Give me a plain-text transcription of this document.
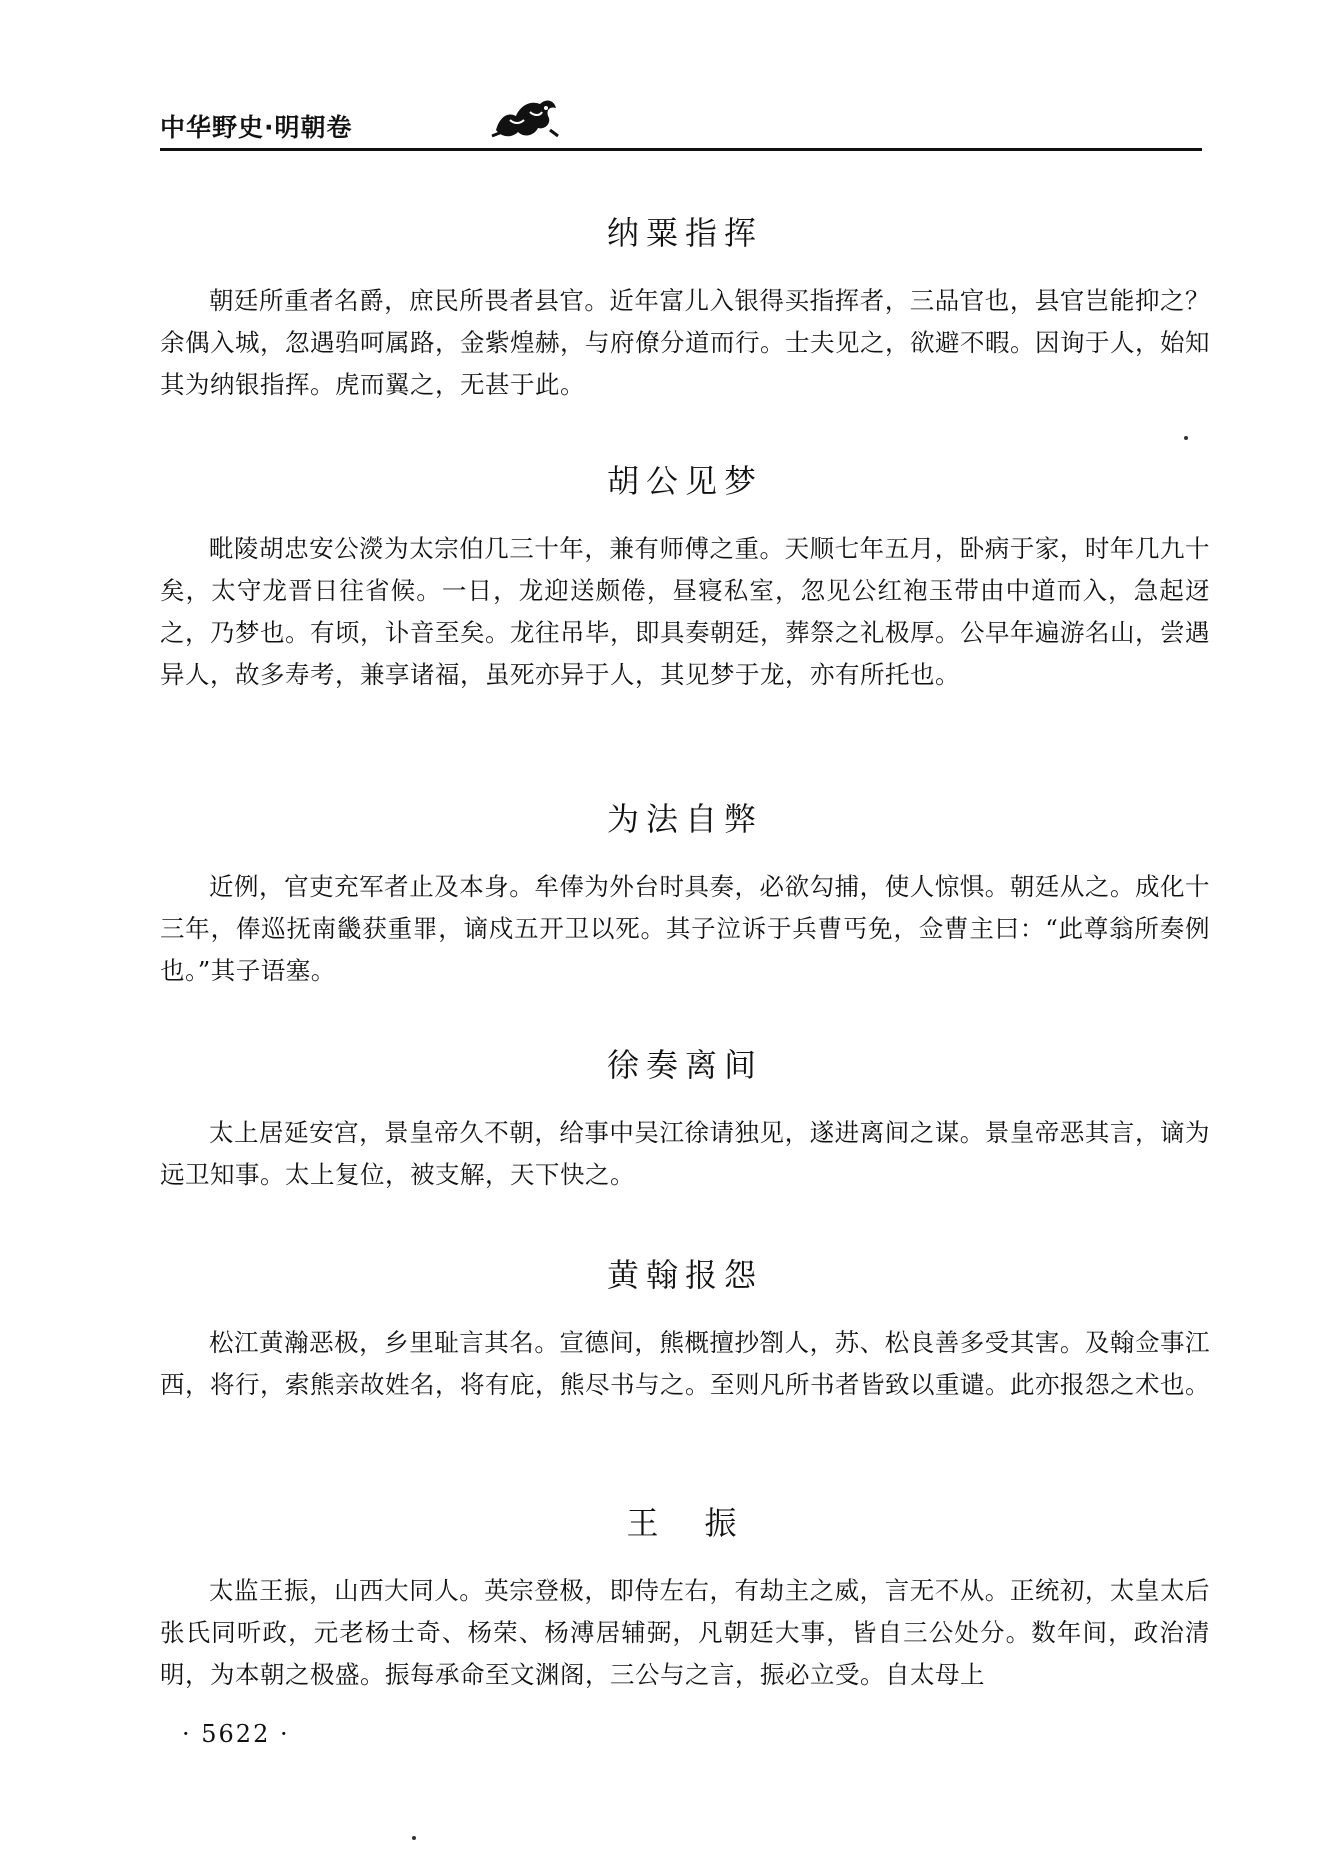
中华野史·明朝卷
纳粟指挥

朝廷所重者名爵，庶民所畏者县官。近年富儿入银得买指挥者，三品官也，县官岂能抑之？余偶入城，忽遇驺呵属路，金紫煌赫，与府僚分道而行。士夫见之，欲避不暇。因询于人，始知其为纳银指挥。虎而翼之，无甚于此。

胡公见梦

毗陵胡忠安公濙为太宗伯几三十年，兼有师傅之重。天顺七年五月，卧病于家，时年几九十矣，太守龙晋日往省候。一日，龙迎送颇倦，昼寝私室，忽见公红袍玉带由中道而入，急起迓之，乃梦也。有顷，讣音至矣。龙往吊毕，即具奏朝廷，葬祭之礼极厚。公早年遍游名山，尝遇异人，故多寿考，兼享诸福，虽死亦异于人，其见梦于龙，亦有所托也。

为法自弊

近例，官吏充军者止及本身。牟俸为外台时具奏，必欲勾捕，使人惊惧。朝廷从之。成化十三年，俸巡抚南畿获重罪，谪戍五开卫以死。其子泣诉于兵曹丐免，佥曹主曰：“此尊翁所奏例也。”其子语塞。

徐奏离间

太上居延安宫，景皇帝久不朝，给事中吴江徐请独见，遂进离间之谋。景皇帝恶其言，谪为远卫知事。太上复位，被支解，天下快之。

黄翰报怨

松江黄瀚恶极，乡里耻言其名。宣德间，熊概擅抄劄人，苏、松良善多受其害。及翰佥事江西，将行，索熊亲故姓名，将有庇，熊尽书与之。至则凡所书者皆致以重谴。此亦报怨之术也。

王　振

太监王振，山西大同人。英宗登极，即侍左右，有劫主之威，言无不从。正统初，太皇太后张氏同听政，元老杨士奇、杨荣、杨溥居辅弼，凡朝廷大事，皆自三公处分。数年间，政治清明，为本朝之极盛。振每承命至文渊阁，三公与之言，振必立受。自太母上

· 5622 ·
